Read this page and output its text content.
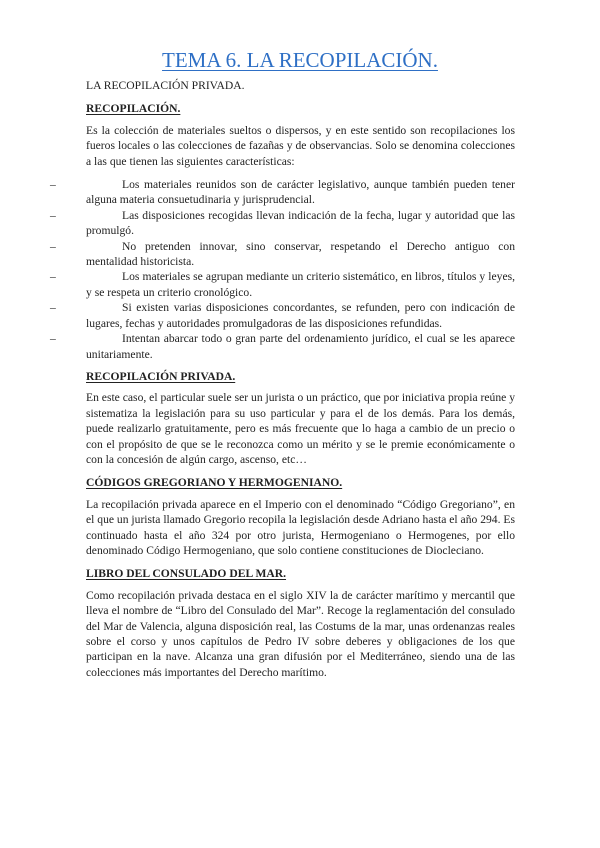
TEMA 6. LA RECOPILACIÓN.

LA RECOPILACIÓN PRIVADA.

RECOPILACIÓN.

Es la colección de materiales sueltos o dispersos, y en este sentido son recopilaciones los fueros locales o las colecciones de fazañas y de observancias. Solo se denomina colecciones a las que tienen las siguientes características:

–	Los materiales reunidos son de carácter legislativo, aunque también pueden tener alguna materia consuetudinaria y jurisprudencial.
–	Las disposiciones recogidas llevan indicación de la fecha, lugar y autoridad que las promulgó.
–	No pretenden innovar, sino conservar, respetando el Derecho antiguo con mentalidad historicista.
–	Los materiales se agrupan mediante un criterio sistemático, en libros, títulos y leyes, y se respeta un criterio cronológico.
–	Si existen varias disposiciones concordantes, se refunden, pero con indicación de lugares, fechas y autoridades promulgadoras de las disposiciones refundidas.
–	Intentan abarcar todo o gran parte del ordenamiento jurídico, el cual se les aparece unitariamente.

RECOPILACIÓN PRIVADA.

En este caso, el particular suele ser un jurista o un práctico, que por iniciativa propia reúne y sistematiza la legislación para su uso particular y para el de los demás. Para los demás, puede realizarlo gratuitamente, pero es más frecuente que lo haga a cambio de un precio o con el propósito de que se le reconozca como un mérito y se le premie económicamente o con la concesión de algún cargo, ascenso, etc…

CÓDIGOS GREGORIANO Y HERMOGENIANO.

La recopilación privada aparece en el Imperio con el denominado “Código Gregoriano”, en el que un jurista llamado Gregorio recopila la legislación desde Adriano hasta el año 294. Es continuado hasta el año 324 por otro jurista, Hermogeniano o Hermogenes, por ello denominado Código Hermogeniano, que solo contiene constituciones de Diocleciano.

LIBRO DEL CONSULADO DEL MAR.

Como recopilación privada destaca en el siglo XIV la de carácter marítimo y mercantil que lleva el nombre de “Libro del Consulado del Mar”. Recoge la reglamentación del consulado del Mar de Valencia, alguna disposición real, las Costums de la mar, unas ordenanzas reales sobre el corso y unos capítulos de Pedro IV sobre deberes y obligaciones de los que participan en la nave. Alcanza una gran difusión por el Mediterráneo, siendo una de las colecciones más importantes del Derecho marítimo.
